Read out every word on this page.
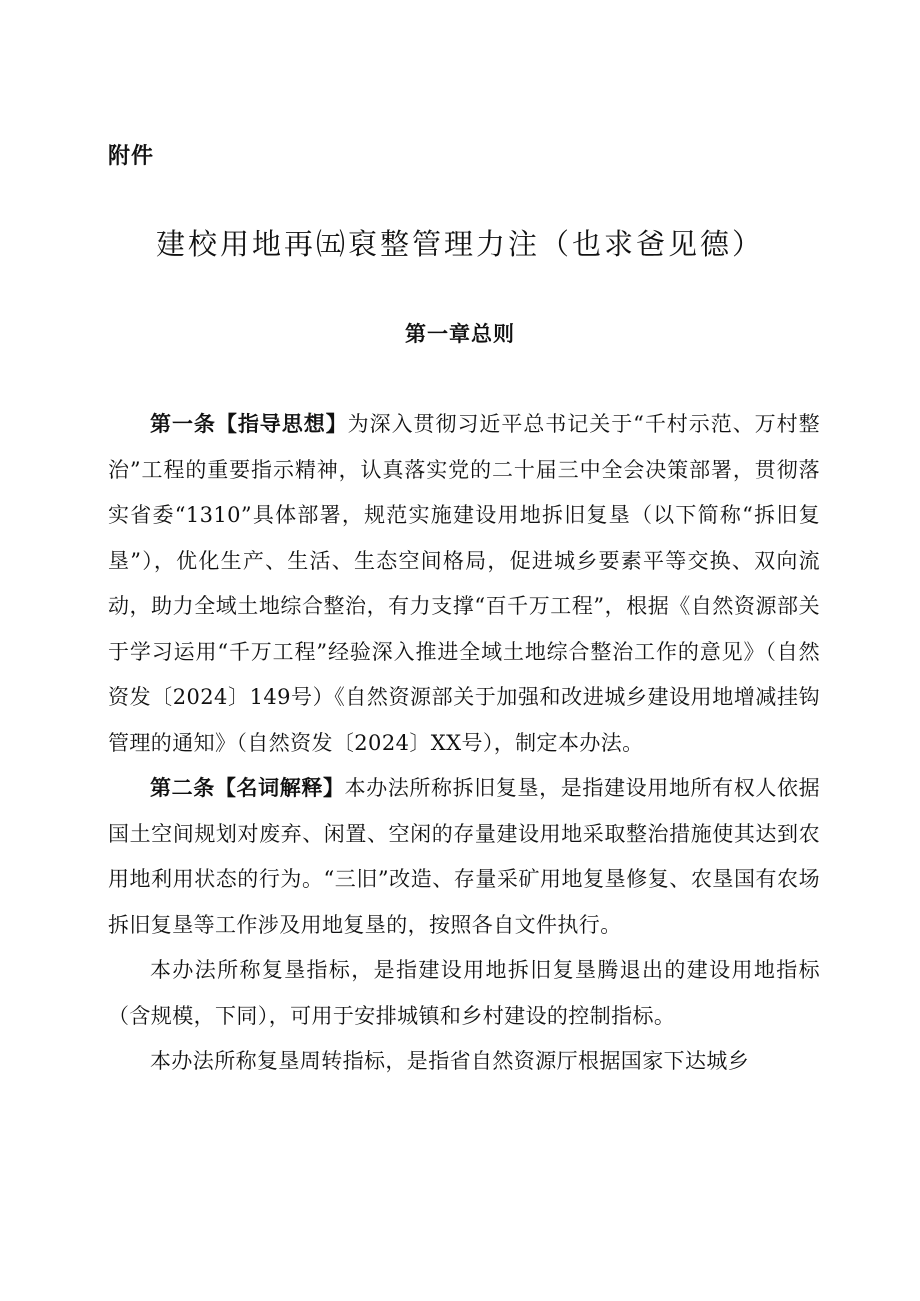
附件
建校用地再㈤裒整管理力注（也求爸见德）
第一章总则

第一条【指导思想】为深入贯彻习近平总书记关于“千村示范、万村整治”工程的重要指示精神，认真落实党的二十届三中全会决策部署，贯彻落实省委“1310”具体部署，规范实施建设用地拆旧复垦（以下简称“拆旧复垦”），优化生产、生活、生态空间格局，促进城乡要素平等交换、双向流动，助力全域土地综合整治，有力支撑“百千万工程”，根据《自然资源部关于学习运用“千万工程”经验深入推进全域土地综合整治工作的意见》（自然资发〔2024〕149号）《自然资源部关于加强和改进城乡建设用地增减挂钩管理的通知》（自然资发〔2024〕XX号），制定本办法。

第二条【名词解释】本办法所称拆旧复垦，是指建设用地所有权人依据国土空间规划对废弃、闲置、空闲的存量建设用地采取整治措施使其达到农用地利用状态的行为。“三旧”改造、存量采矿用地复垦修复、农垦国有农场拆旧复垦等工作涉及用地复垦的，按照各自文件执行。

本办法所称复垦指标，是指建设用地拆旧复垦腾退出的建设用地指标（含规模，下同），可用于安排城镇和乡村建设的控制指标。

本办法所称复垦周转指标，是指省自然资源厅根据国家下达城乡
